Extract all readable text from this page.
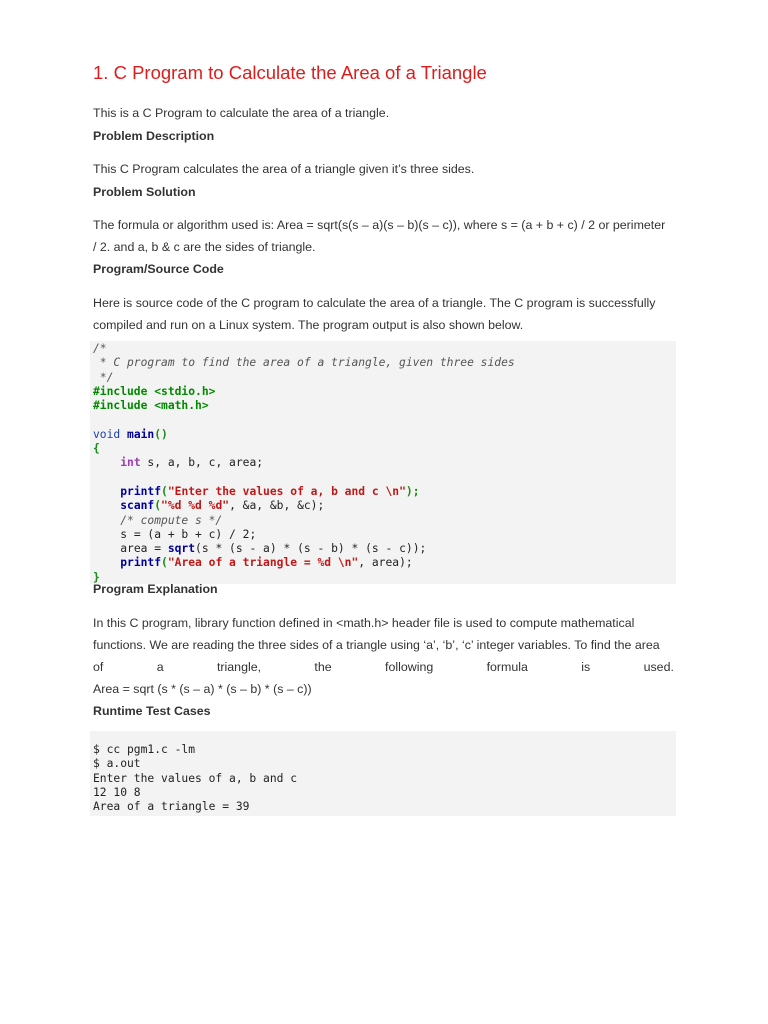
1. C Program to Calculate the Area of a Triangle

This is a C Program to calculate the area of a triangle.

Problem Description

This C Program calculates the area of a triangle given it’s three sides.

Problem Solution

The formula or algorithm used is: Area = sqrt(s(s – a)(s – b)(s – c)), where s = (a + b + c) / 2 or perimeter
/ 2. and a, b & c are the sides of triangle.

Program/Source Code

Here is source code of the C program to calculate the area of a triangle. The C program is successfully
compiled and run on a Linux system. The program output is also shown below.
/*
* C program to find the area of a triangle, given three sides
*/
#include <stdio.h>
#include <math.h>
void main()
{
int s, a, b, c, area;
printf("Enter the values of a, b and c \n");
scanf("%d %d %d", &a, &b, &c);
/* compute s */
s = (a + b + c) / 2;
area = sqrt(s * (s - a) * (s - b) * (s - c));
printf("Area of a triangle = %d \n", area);
}

Program Explanation

In this C program, library function defined in <math.h> header file is used to compute mathematical
functions. We are reading the three sides of a triangle using ‘a’, ‘b’, ‘c’ integer variables. To find the area
of	a	triangle,	the	following	formula	is	used.
Area = sqrt (s * (s – a) * (s – b) * (s – c))

Runtime Test Cases

$ cc pgm1.c -lm
$ a.out
Enter the values of a, b and c
12 10 8
Area of a triangle = 39
